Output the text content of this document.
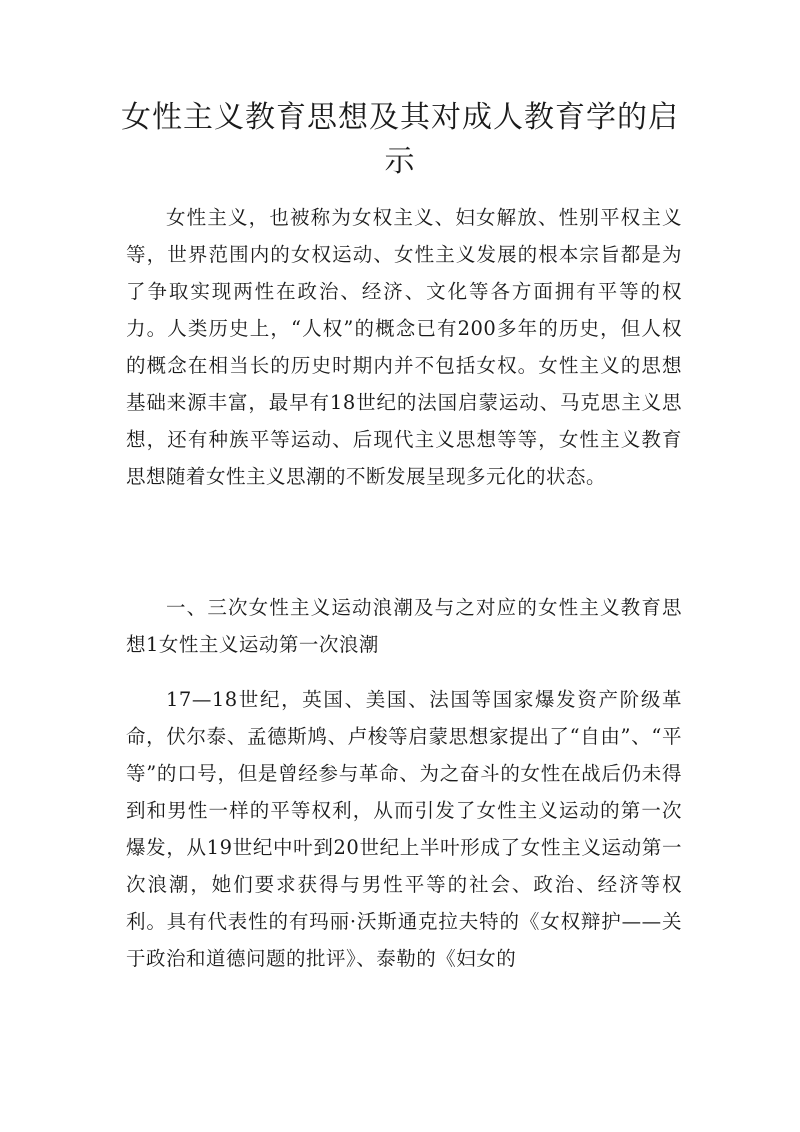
女性主义教育思想及其对成人教育学的启示

女性主义，也被称为女权主义、妇女解放、性别平权主义等，世界范围内的女权运动、女性主义发展的根本宗旨都是为了争取实现两性在政治、经济、文化等各方面拥有平等的权力。人类历史上，“人权”的概念已有200多年的历史，但人权的概念在相当长的历史时期内并不包括女权。女性主义的思想基础来源丰富，最早有18世纪的法国启蒙运动、马克思主义思想，还有种族平等运动、后现代主义思想等等，女性主义教育思想随着女性主义思潮的不断发展呈现多元化的状态。

一、三次女性主义运动浪潮及与之对应的女性主义教育思想1女性主义运动第一次浪潮

17—18世纪，英国、美国、法国等国家爆发资产阶级革命，伏尔泰、孟德斯鸠、卢梭等启蒙思想家提出了“自由”、“平等”的口号，但是曾经参与革命、为之奋斗的女性在战后仍未得到和男性一样的平等权利，从而引发了女性主义运动的第一次爆发，从19世纪中叶到20世纪上半叶形成了女性主义运动第一次浪潮，她们要求获得与男性平等的社会、政治、经济等权利。具有代表性的有玛丽·沃斯通克拉夫特的《女权辩护——关于政治和道德问题的批评》、泰勒的《妇女的
